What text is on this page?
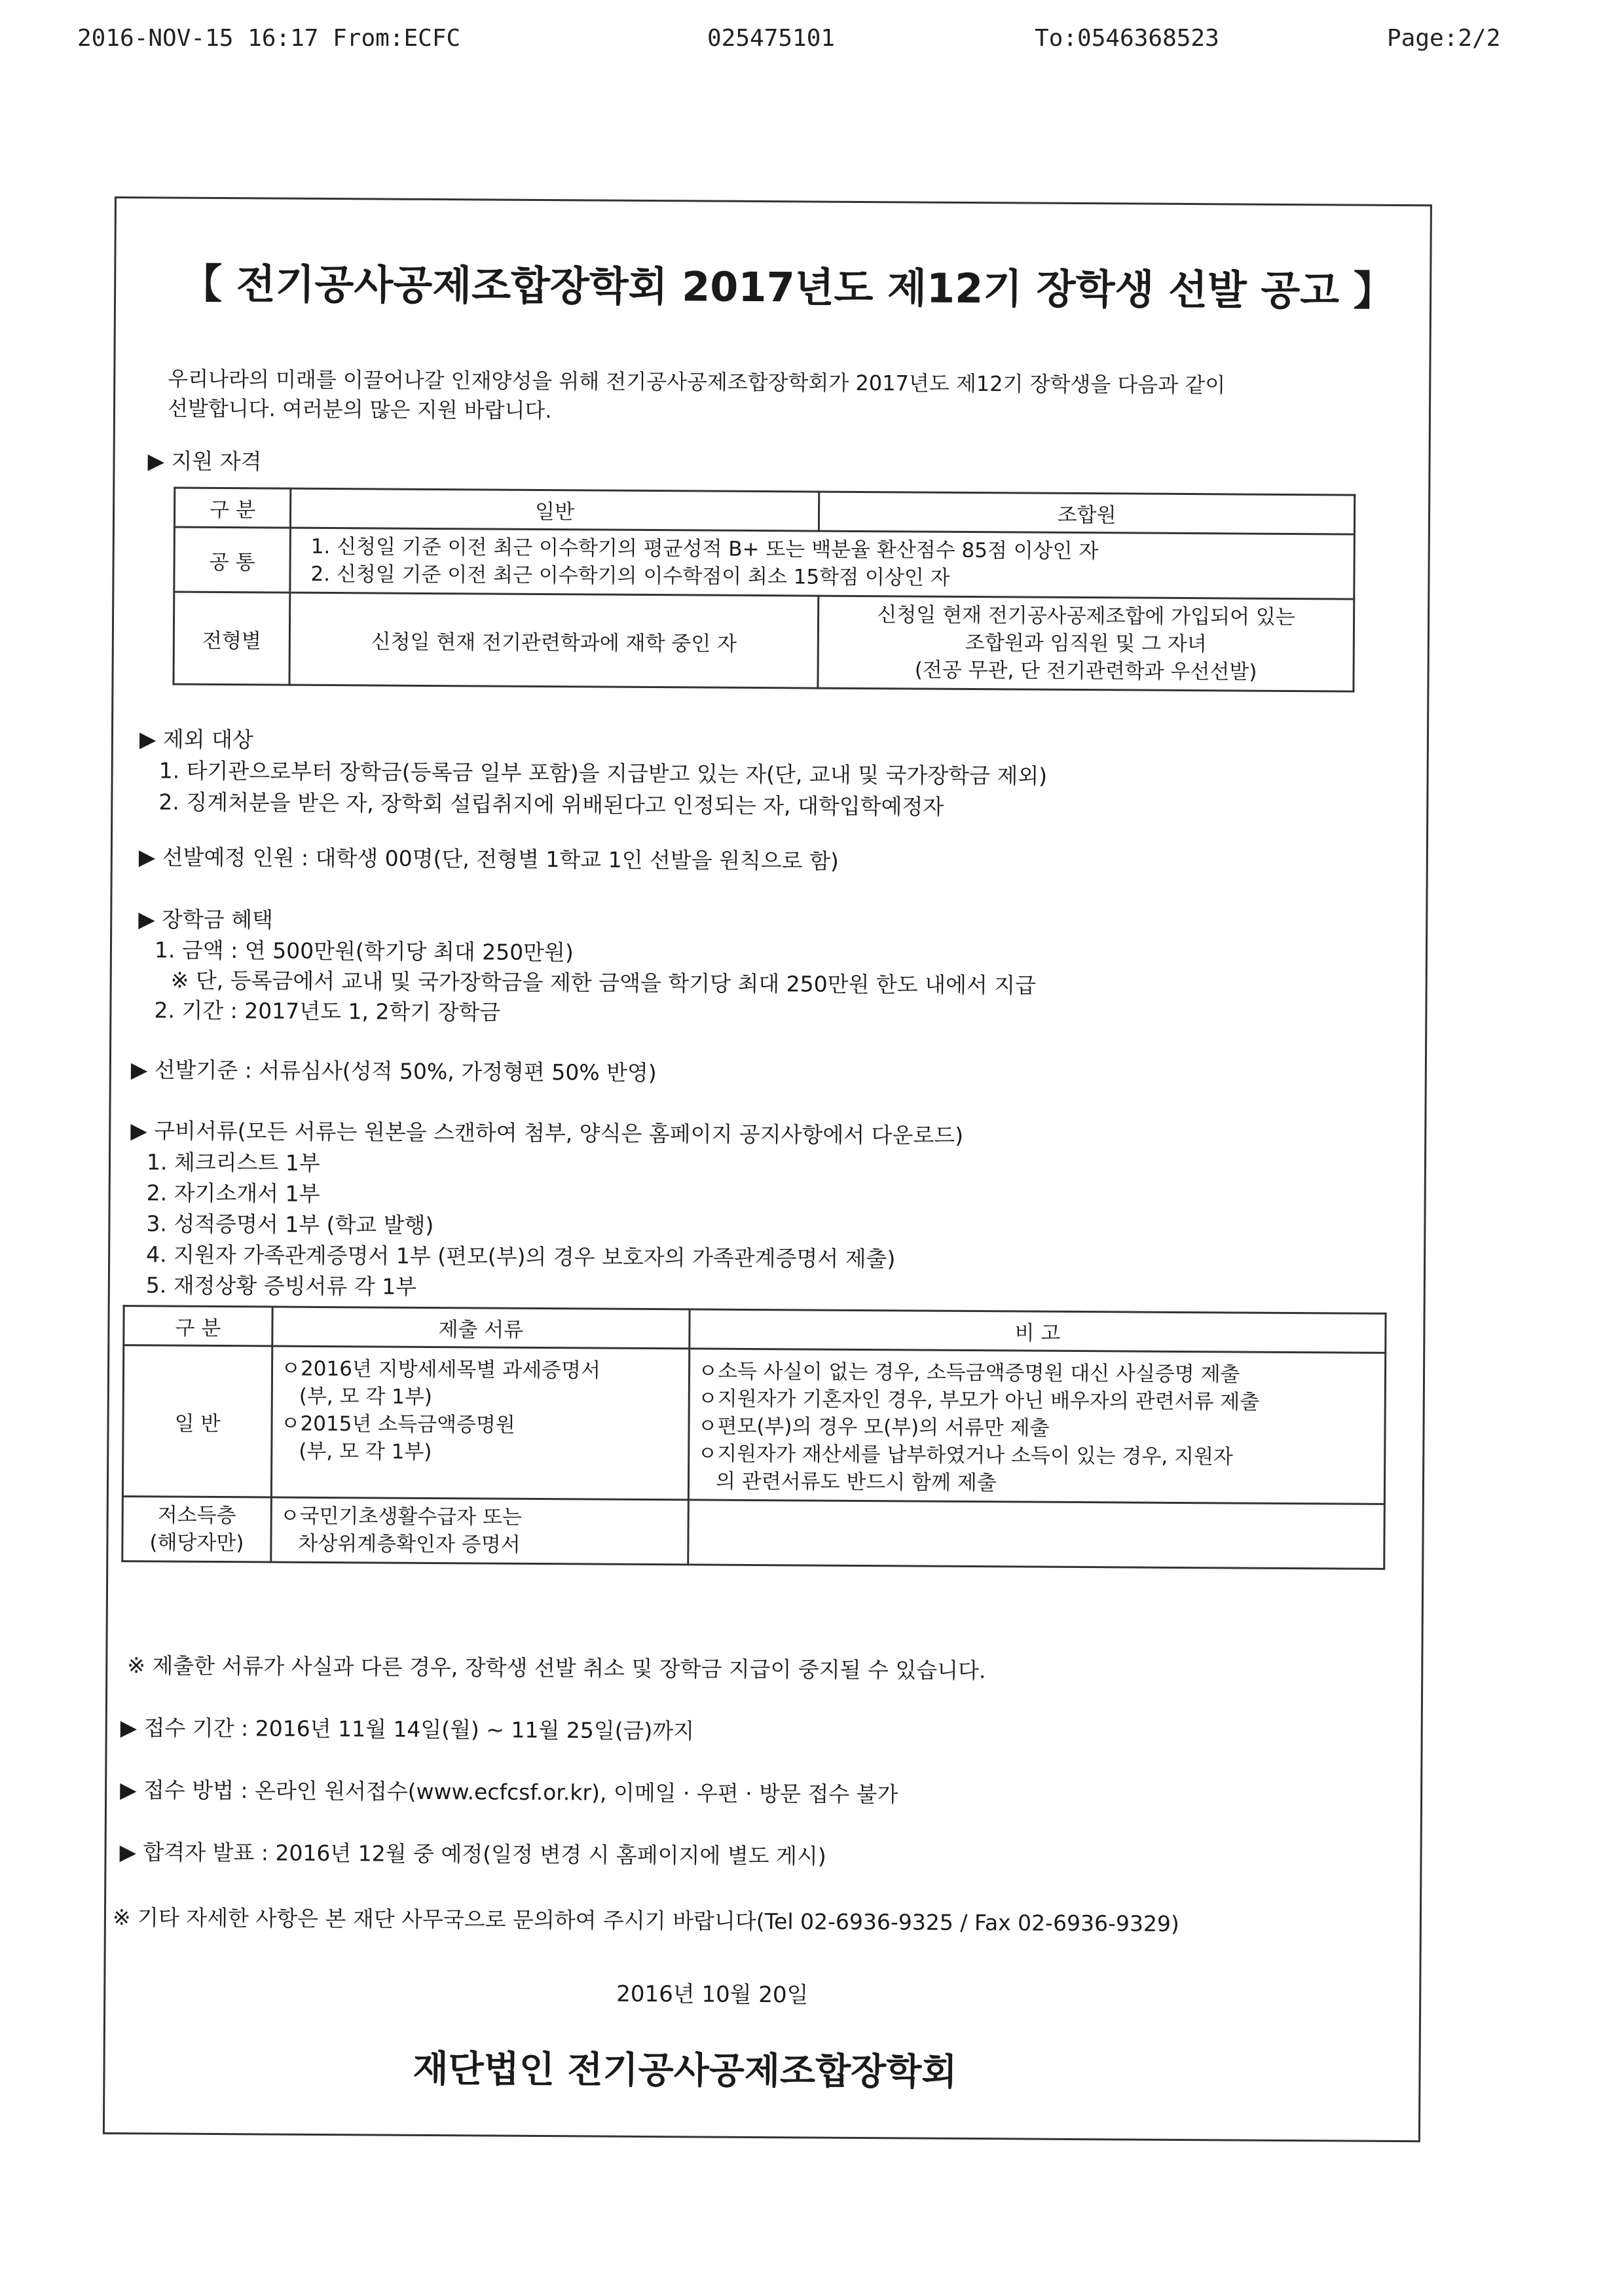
2016-NOV-15 16:17 From:ECFC	025475101	To:0546368523	Page:2/2
【 전기공사공제조합장학회 2017년도 제12기 장학생 선발 공고 】
우리나라의 미래를 이끌어나갈 인재양성을 위해 전기공사공제조합장학회가 2017년도 제12기 장학생을 다음과 같이
선발합니다. 여러분의 많은 지원 바랍니다.
▶ 지원 자격
구 분	일반	조합원
공 통	1. 신청일 기준 이전 최근 이수학기의 평균성적 B+ 또는 백분율 환산점수 85점 이상인 자
2. 신청일 기준 이전 최근 이수학기의 이수학점이 최소 15학점 이상인 자	

전형별	신청일 현재 전기관련학과에 재학 중인 자	신청일 현재 전기공사공제조합에 가입되어 있는
조합원과 임직원 및 그 자녀
(전공 무관, 단 전기관련학과 우선선발)
▶ 제외 대상
1. 타기관으로부터 장학금(등록금 일부 포함)을 지급받고 있는 자(단, 교내 및 국가장학금 제외)
2. 징계처분을 받은 자, 장학회 설립취지에 위배된다고 인정되는 자, 대학입학예정자
▶ 선발예정 인원 : 대학생 00명(단, 전형별 1학교 1인 선발을 원칙으로 함)
▶ 장학금 혜택
1. 금액 : 연 500만원(학기당 최대 250만원)
※ 단, 등록금에서 교내 및 국가장학금을 제한 금액을 학기당 최대 250만원 한도 내에서 지급
2. 기간 : 2017년도 1, 2학기 장학금
▶ 선발기준 : 서류심사(성적 50%, 가정형편 50% 반영)
▶ 구비서류(모든 서류는 원본을 스캔하여 첨부, 양식은 홈페이지 공지사항에서 다운로드)
1. 체크리스트 1부
2. 자기소개서 1부
3. 성적증명서 1부 (학교 발행)
4. 지원자 가족관계증명서 1부 (편모(부)의 경우 보호자의 가족관계증명서 제출)
5. 재정상황 증빙서류 각 1부
구 분	제출 서류	비 고
일 반	ㅇ2016년 지방세세목별 과세증명서
(부, 모 각 1부)
ㅇ2015년 소득금액증명원
(부, 모 각 1부)	ㅇ소득 사실이 없는 경우, 소득금액증명원 대신 사실증명 제출
ㅇ지원자가 기혼자인 경우, 부모가 아닌 배우자의 관련서류 제출
ㅇ편모(부)의 경우 모(부)의 서류만 제출
ㅇ지원자가 재산세를 납부하였거나 소득이 있는 경우, 지원자
의 관련서류도 반드시 함께 제출

저소득층
(해당자만)	ㅇ국민기초생활수급자 또는
차상위계층확인자 증명서	

※ 제출한 서류가 사실과 다른 경우, 장학생 선발 취소 및 장학금 지급이 중지될 수 있습니다.
▶ 접수 기간 : 2016년 11월 14일(월) ~ 11월 25일(금)까지
▶ 접수 방법 : 온라인 원서접수(www.ecfcsf.or.kr), 이메일 · 우편 · 방문 접수 불가
▶ 합격자 발표 : 2016년 12월 중 예정(일정 변경 시 홈페이지에 별도 게시)
※ 기타 자세한 사항은 본 재단 사무국으로 문의하여 주시기 바랍니다(Tel 02-6936-9325 / Fax 02-6936-9329)
2016년 10월 20일
재단법인 전기공사공제조합장학회
